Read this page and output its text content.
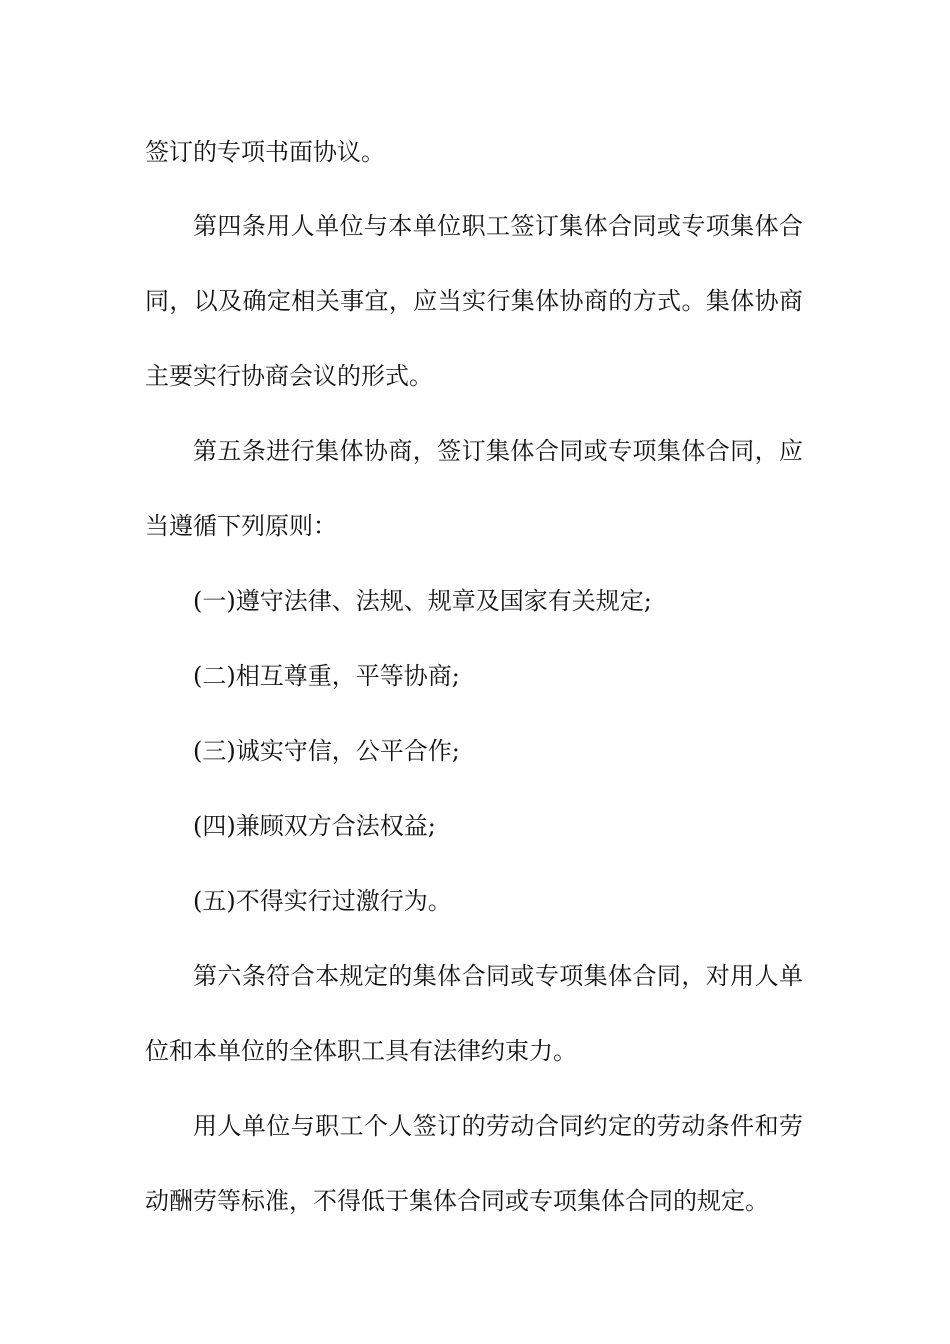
签订的专项书面协议。
第四条用人单位与本单位职工签订集体合同或专项集体合
同，以及确定相关事宜，应当实行集体协商的方式。集体协商
主要实行协商会议的形式。
第五条进行集体协商，签订集体合同或专项集体合同，应
当遵循下列原则：
(一)遵守法律、法规、规章及国家有关规定;
(二)相互尊重，平等协商;
(三)诚实守信，公平合作;
(四)兼顾双方合法权益;
(五)不得实行过激行为。
第六条符合本规定的集体合同或专项集体合同，对用人单
位和本单位的全体职工具有法律约束力。
用人单位与职工个人签订的劳动合同约定的劳动条件和劳
动酬劳等标准，不得低于集体合同或专项集体合同的规定。
